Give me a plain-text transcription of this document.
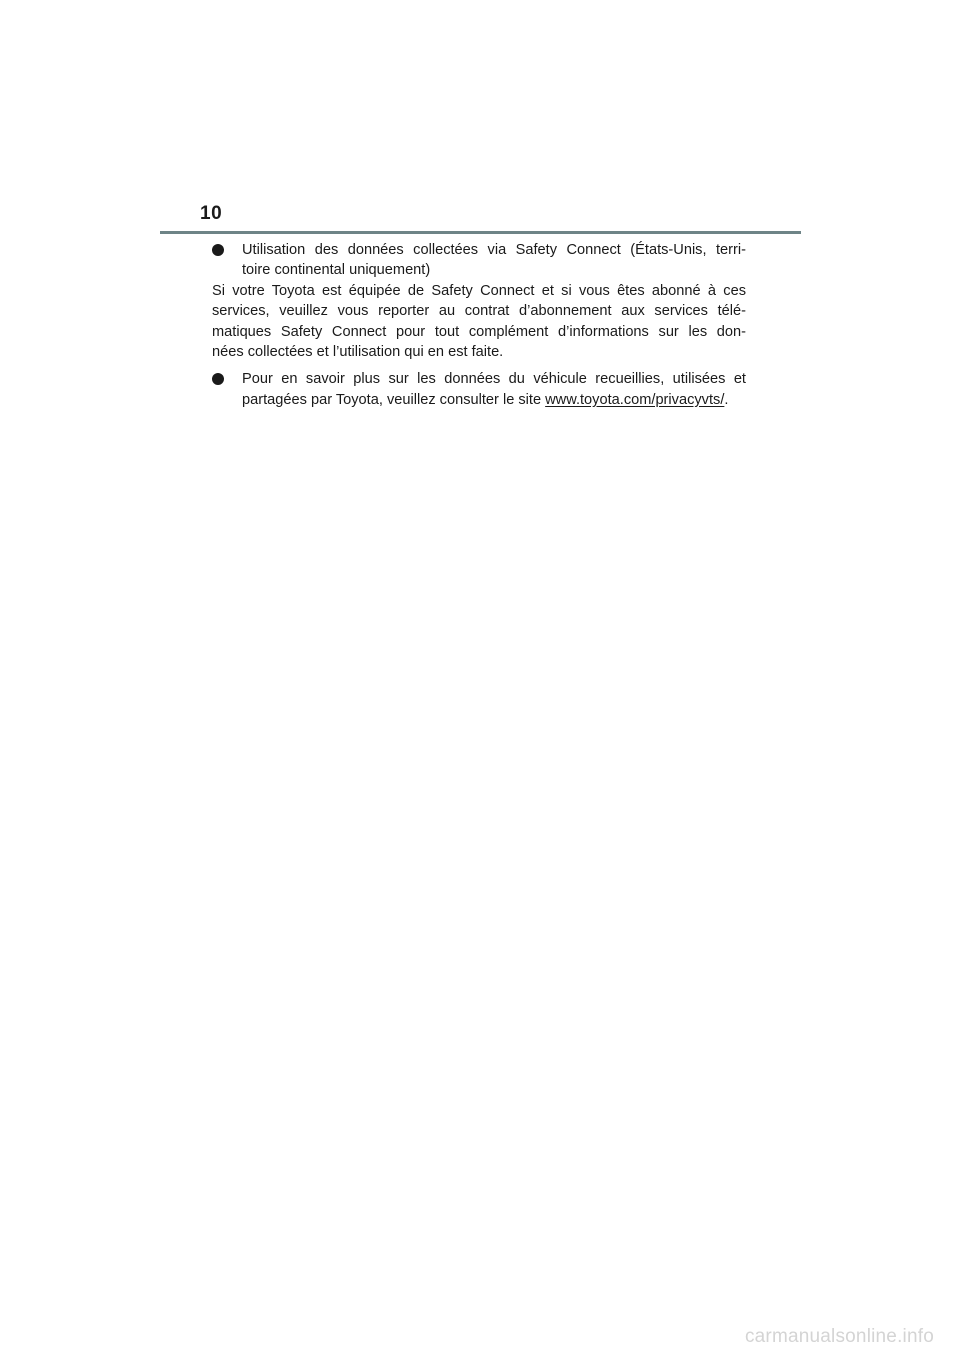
10
Utilisation des données collectées via Safety Connect (États-Unis, terri-
toire continental uniquement)
Si votre Toyota est équipée de Safety Connect et si vous êtes abonné à ces
services, veuillez vous reporter au contrat d’abonnement aux services télé-
matiques Safety Connect pour tout complément d’informations sur les don-
nées collectées et l’utilisation qui en est faite.
Pour en savoir plus sur les données du véhicule recueillies, utilisées et
partagées par Toyota, veuillez consulter le site www.toyota.com/privacyvts/.
carmanualsonline.info
